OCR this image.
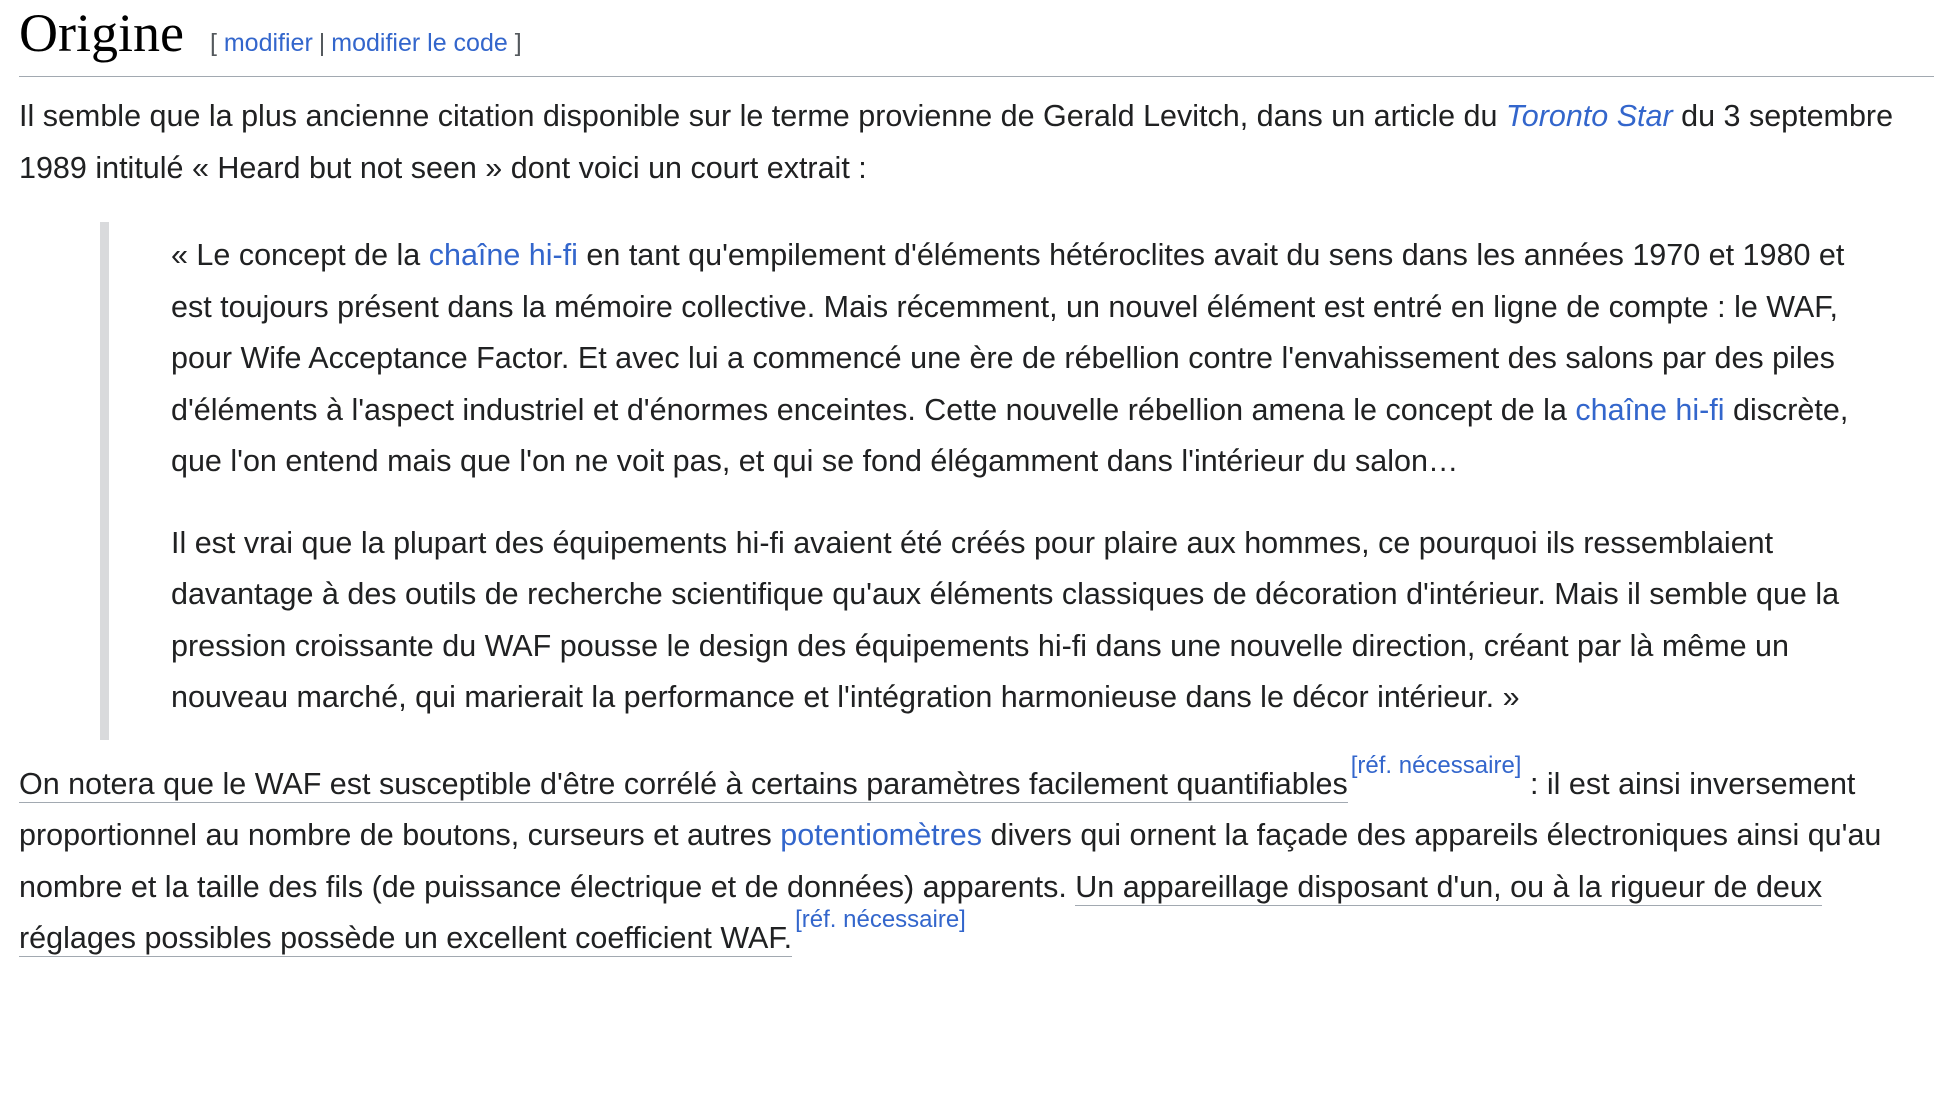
Origine [ modifier | modifier le code ]

Il semble que la plus ancienne citation disponible sur le terme provienne de Gerald Levitch, dans un article du Toronto Star du 3 septembre 1989 intitulé « Heard but not seen » dont voici un court extrait :

« Le concept de la chaîne hi-fi en tant qu'empilement d'éléments hétéroclites avait du sens dans les années 1970 et 1980 et est toujours présent dans la mémoire collective. Mais récemment, un nouvel élément est entré en ligne de compte : le WAF, pour Wife Acceptance Factor. Et avec lui a commencé une ère de rébellion contre l'envahissement des salons par des piles d'éléments à l'aspect industriel et d'énormes enceintes. Cette nouvelle rébellion amena le concept de la chaîne hi-fi discrète, que l'on entend mais que l'on ne voit pas, et qui se fond élégamment dans l'intérieur du salon…

Il est vrai que la plupart des équipements hi-fi avaient été créés pour plaire aux hommes, ce pourquoi ils ressemblaient davantage à des outils de recherche scientifique qu'aux éléments classiques de décoration d'intérieur. Mais il semble que la pression croissante du WAF pousse le design des équipements hi-fi dans une nouvelle direction, créant par là même un nouveau marché, qui marierait la performance et l'intégration harmonieuse dans le décor intérieur. »

On notera que le WAF est susceptible d'être corrélé à certains paramètres facilement quantifiables[réf. nécessaire] : il est ainsi inversement proportionnel au nombre de boutons, curseurs et autres potentiomètres divers qui ornent la façade des appareils électroniques ainsi qu'au nombre et la taille des fils (de puissance électrique et de données) apparents. Un appareillage disposant d'un, ou à la rigueur de deux réglages possibles possède un excellent coefficient WAF.[réf. nécessaire]
